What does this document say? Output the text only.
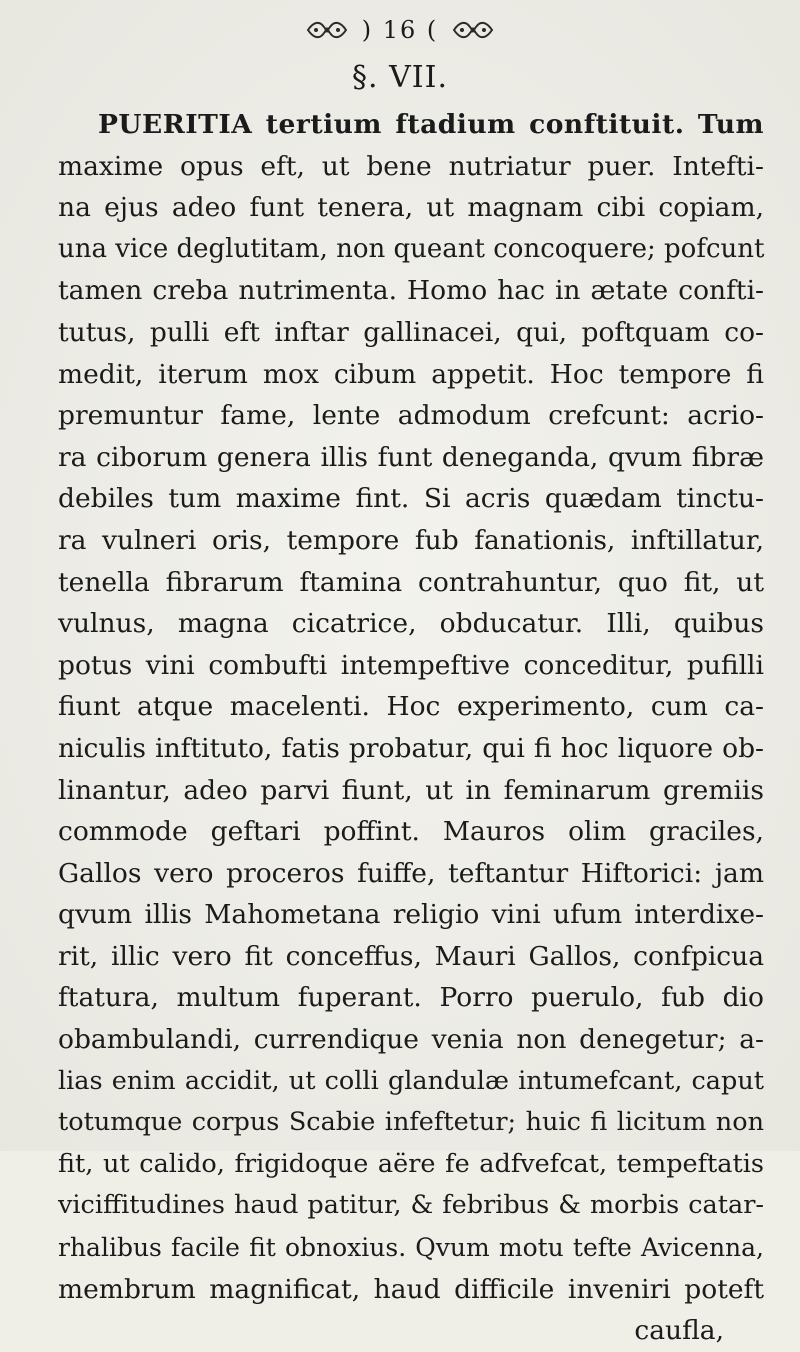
) 16 (
§. VII.
PUERITIA tertium ftadium conftituit. Tum
maxime opus eft, ut bene nutriatur puer. Intefti-
na ejus adeo funt tenera, ut magnam cibi copiam,
una vice deglutitam, non queant concoquere; pofcunt
tamen creba nutrimenta. Homo hac in ætate confti-
tutus, pulli eft inftar gallinacei, qui, poftquam co-
medit, iterum mox cibum appetit. Hoc tempore fi
premuntur fame, lente admodum crefcunt: acrio-
ra ciborum genera illis funt deneganda, qvum fibræ
debiles tum maxime fint. Si acris quædam tinctu-
ra vulneri oris, tempore fub fanationis, inftillatur,
tenella fibrarum ftamina contrahuntur, quo fit, ut
vulnus, magna cicatrice, obducatur. Illi, quibus
potus vini combufti intempeftive conceditur, pufilli
fiunt atque macelenti. Hoc experimento, cum ca-
niculis inftituto, fatis probatur, qui fi hoc liquore ob-
linantur, adeo parvi fiunt, ut in feminarum gremiis
commode geftari poffint. Mauros olim graciles,
Gallos vero proceros fuiffe, teftantur Hiftorici: jam
qvum illis Mahometana religio vini ufum interdixe-
rit, illic vero fit conceffus, Mauri Gallos, confpicua
ftatura, multum fuperant. Porro puerulo, fub dio
obambulandi, currendique venia non denegetur; a-
lias enim accidit, ut colli glandulæ intumefcant, caput
totumque corpus Scabie infeftetur; huic fi licitum non
fit, ut calido, frigidoque aëre fe adfvefcat, tempeftatis
viciffitudines haud patitur, & febribus & morbis catar-
rhalibus facile fit obnoxius. Qvum motu tefte Avicenna,
membrum magnificat, haud difficile inveniri poteft
caufla,
